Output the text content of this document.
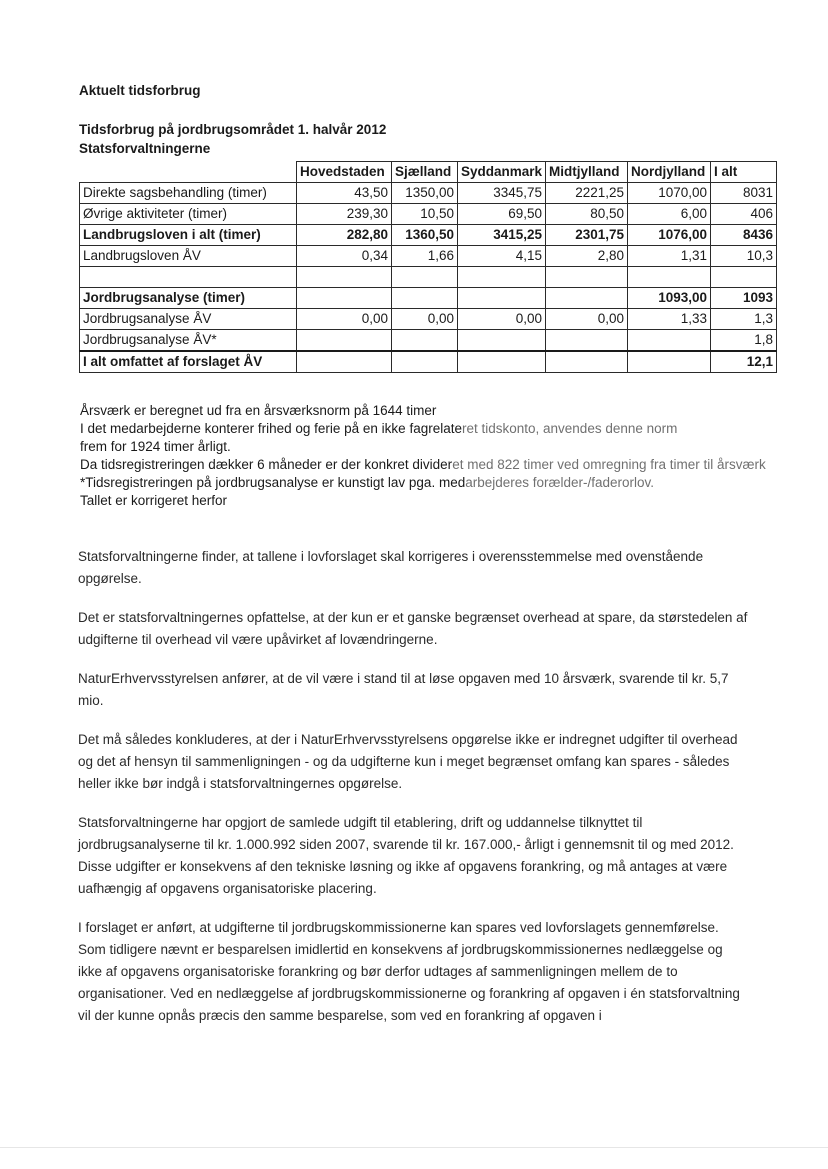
Aktuelt tidsforbrug
Tidsforbrug på jordbrugsområdet 1. halvår 2012
Statsforvaltningerne
	Hovedstaden	Sjælland	Syddanmark	Midtjylland	Nordjylland	I alt
Direkte sagsbehandling (timer)	43,50	1350,00	3345,75	2221,25	1070,00	8031
Øvrige aktiviteter (timer)	239,30	10,50	69,50	80,50	6,00	406
Landbrugsloven i alt (timer)	282,80	1360,50	3415,25	2301,75	1076,00	8436
Landbrugsloven ÅV	0,34	1,66	4,15	2,80	1,31	10,3

Jordbrugsanalyse (timer)					1093,00	1093
Jordbrugsanalyse ÅV	0,00	0,00	0,00	0,00	1,33	1,3
Jordbrugsanalyse ÅV*						1,8
I alt omfattet af forslaget ÅV						12,1
Årsværk er beregnet ud fra en årsværksnorm på 1644 timer
I det medarbejderne konterer frihed og ferie på en ikke fagrelateret tidskonto, anvendes denne norm
frem for 1924 timer årligt.
Da tidsregistreringen dækker 6 måneder er der konkret divideret med 822 timer ved omregning fra timer til årsværk
*Tidsregistreringen på jordbrugsanalyse er kunstigt lav pga. medarbejderes forælder-/faderorlov.
Tallet er korrigeret herfor

Statsforvaltningerne finder, at tallene i lovforslaget skal korrigeres i overensstemmelse med ovenstående opgørelse.

Det er statsforvaltningernes opfattelse, at der kun er et ganske begrænset overhead at spare, da størstedelen af udgifterne til overhead vil være upåvirket af lovændringerne.

NaturErhvervsstyrelsen anfører, at de vil være i stand til at løse opgaven med 10 årsværk, svarende til kr. 5,7 mio.

Det må således konkluderes, at der i NaturErhvervsstyrelsens opgørelse ikke er indregnet udgifter til overhead og det af hensyn til sammenligningen - og da udgifterne kun i meget begrænset omfang kan spares - således heller ikke bør indgå i statsforvaltningernes opgørelse.

Statsforvaltningerne har opgjort de samlede udgift til etablering, drift og uddannelse tilknyttet til jordbrugsanalyserne til kr. 1.000.992 siden 2007, svarende til kr. 167.000,- årligt i gennemsnit til og med 2012. Disse udgifter er konsekvens af den tekniske løsning og ikke af opgavens forankring, og må antages at være uafhængig af opgavens organisatoriske placering.

I forslaget er anført, at udgifterne til jordbrugskommissionerne kan spares ved lovforslagets gennemførelse. Som tidligere nævnt er besparelsen imidlertid en konsekvens af jordbrugskommissionernes nedlæggelse og ikke af opgavens organisatoriske forankring og bør derfor udtages af sammenligningen mellem de to organisationer. Ved en nedlæggelse af jordbrugskommissionerne og forankring af opgaven i én statsforvaltning vil der kunne opnås præcis den samme besparelse, som ved en forankring af opgaven i
